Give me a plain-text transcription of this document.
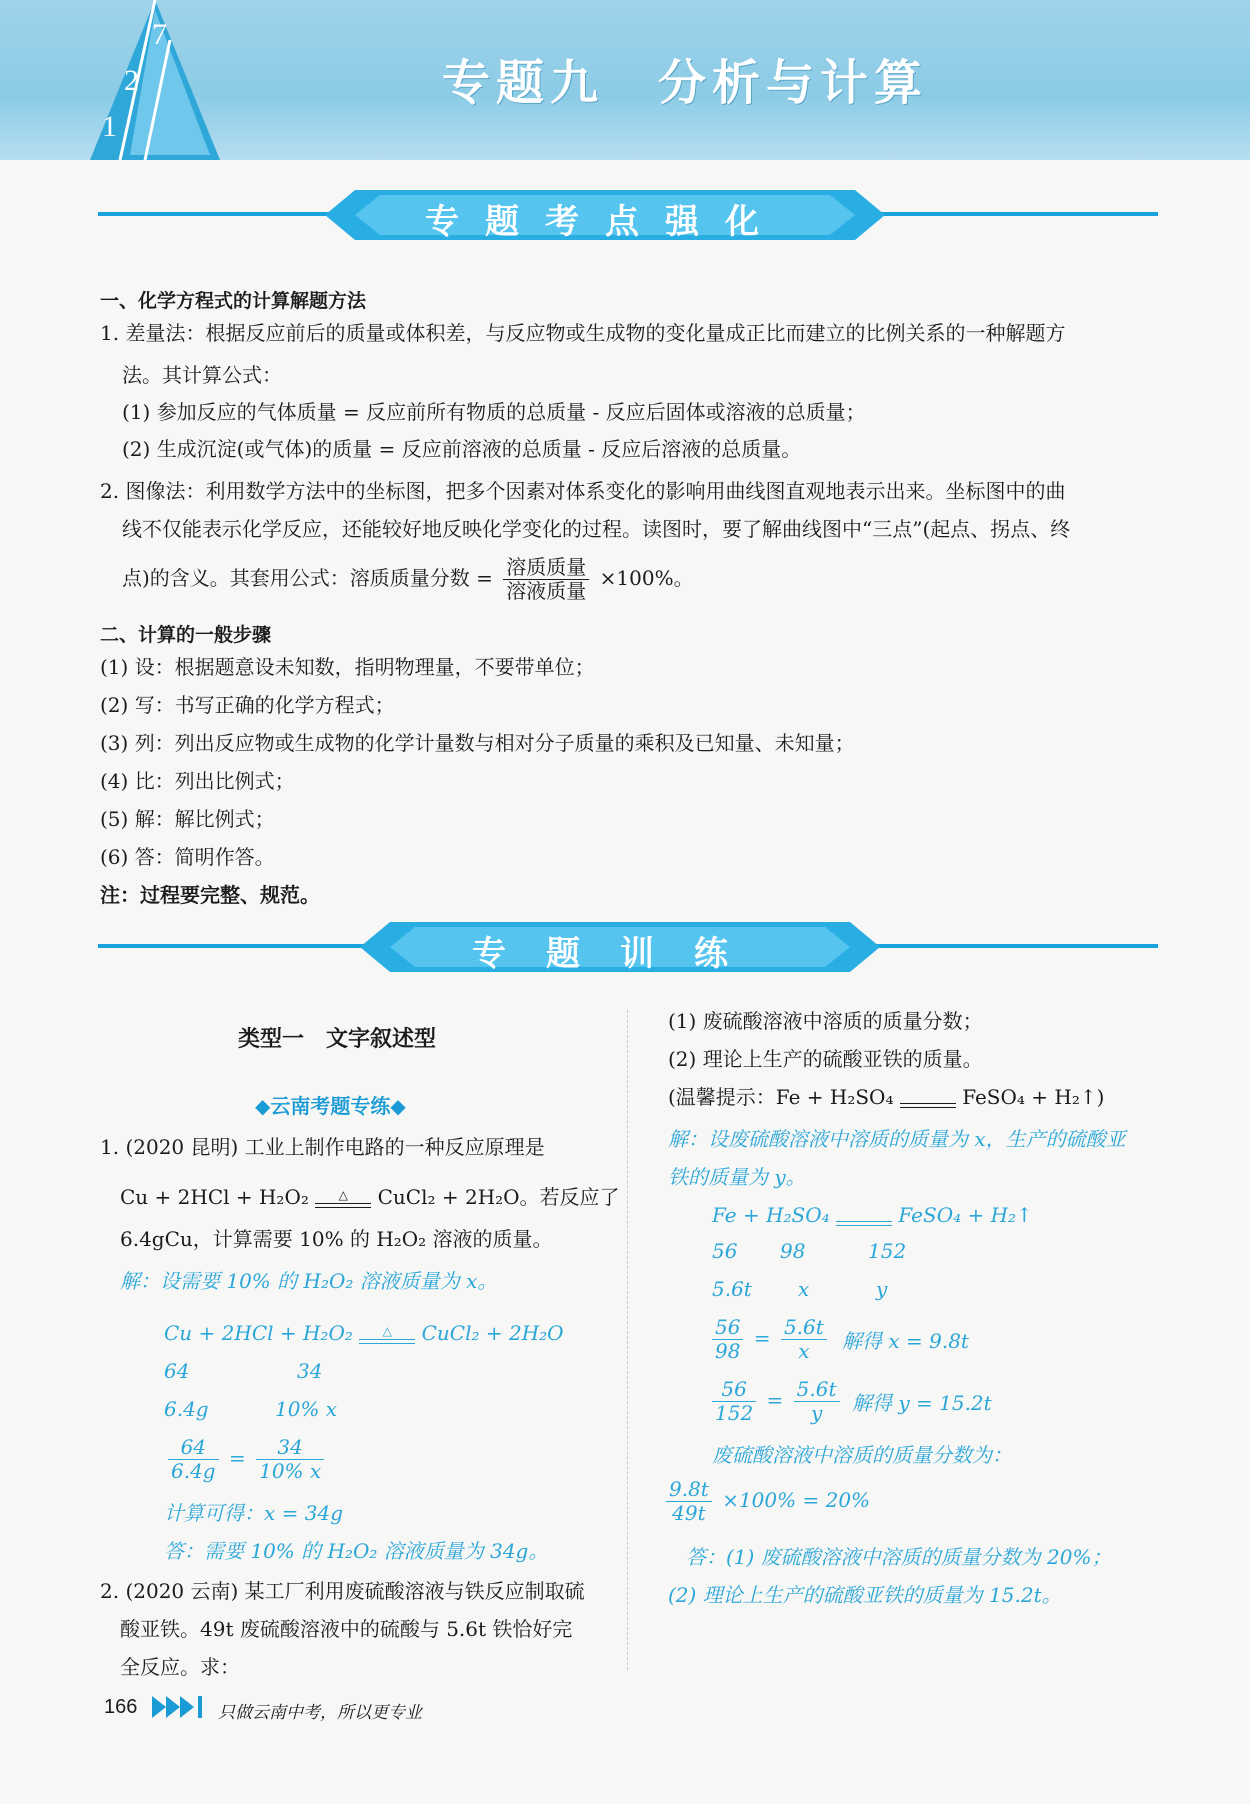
7
2
1
专题九　分析与计算
专题考点强化
一、化学方程式的计算解题方法
1. 差量法：根据反应前后的质量或体积差，与反应物或生成物的变化量成正比而建立的比例关系的一种解题方
法。其计算公式：
(1) 参加反应的气体质量 = 反应前所有物质的总质量 - 反应后固体或溶液的总质量；
(2) 生成沉淀(或气体)的质量 = 反应前溶液的总质量 - 反应后溶液的总质量。
2. 图像法：利用数学方法中的坐标图，把多个因素对体系变化的影响用曲线图直观地表示出来。坐标图中的曲
线不仅能表示化学反应，还能较好地反映化学变化的过程。读图时，要了解曲线图中“三点”(起点、拐点、终
点)的含义。其套用公式：溶质质量分数 = $\frac{\text{溶质质量}}{\text{溶液质量}} \times 100\%$。
二、计算的一般步骤
(1) 设：根据题意设未知数，指明物理量，不要带单位；
(2) 写：书写正确的化学方程式；
(3) 列：列出反应物或生成物的化学计量数与相对分子质量的乘积及已知量、未知量；
(4) 比：列出比例式；
(5) 解：解比例式；
(6) 答：简明作答。
注：过程要完整、规范。
专题训练
类型一　文字叙述型
◆云南考题专练◆
1. (2020 昆明) 工业上制作电路的一种反应原理是
Cu + 2HCl + H₂O₂	△	CuCl₂ + 2H₂O。若反应了
6.4gCu，计算需要 10% 的 H₂O₂ 溶液的质量。
解：设需要 10% 的 H₂O₂ 溶液质量为 x。
Cu + 2HCl + H₂O₂	△	CuCl₂ + 2H₂O
64	34
6.4g	10% x
$\frac{64}{6.4g} = \frac{34}{10\% x}$
计算可得：x = 34g
答：需要 10% 的 H₂O₂ 溶液质量为 34g。
2. (2020 云南) 某工厂利用废硫酸溶液与铁反应制取硫
酸亚铁。49t 废硫酸溶液中的硫酸与 5.6t 铁恰好完
全反应。求：
(1) 废硫酸溶液中溶质的质量分数；
(2) 理论上生产的硫酸亚铁的质量。
(温馨提示：Fe + H₂SO₄
	FeSO₄ + H₂↑)
解：设废硫酸溶液中溶质的质量为 x，生产的硫酸亚
铁的质量为 y。
Fe + H₂SO₄
	FeSO₄ + H₂↑
56 98	152
5.6t x	y
$\frac{56}{98} = \frac{5.6t}{x}$ 解得 x = 9.8t
$\frac{56}{152} = \frac{5.6t}{y}$ 解得 y = 15.2t
废硫酸溶液中溶质的质量分数为：
$\frac{9.8t}{49t} \times 100\% = 20\%$
答：(1) 废硫酸溶液中溶质的质量分数为 20%；
(2) 理论上生产的硫酸亚铁的质量为 15.2t。
166	只做云南中考，所以更专业
